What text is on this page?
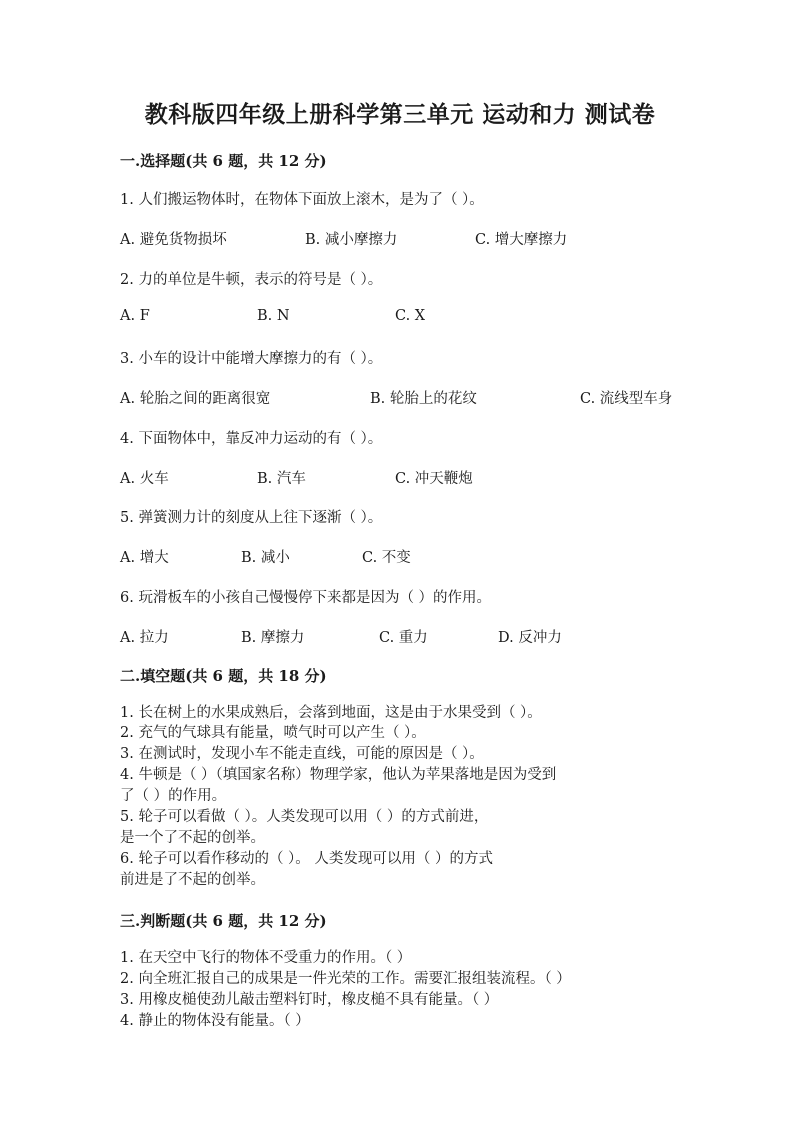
教科版四年级上册科学第三单元 运动和力 测试卷
一.选择题(共 6 题，共 12 分)
1. 人们搬运物体时，在物体下面放上滚木，是为了（ ）。
A. 避免货物损坏	B. 减小摩擦力	C. 增大摩擦力
2. 力的单位是牛顿，表示的符号是（ ）。
A. F	B. N	C. X
3. 小车的设计中能增大摩擦力的有（ ）。
A. 轮胎之间的距离很宽	B. 轮胎上的花纹	C. 流线型车身
4. 下面物体中，靠反冲力运动的有（ ）。
A. 火车	B. 汽车	C. 冲天鞭炮
5. 弹簧测力计的刻度从上往下逐渐（ ）。
A. 增大	B. 减小	C. 不变
6. 玩滑板车的小孩自己慢慢停下来都是因为（ ）的作用。
A. 拉力	B. 摩擦力	C. 重力	D. 反冲力
二.填空题(共 6 题，共 18 分)
1. 长在树上的水果成熟后，会落到地面，这是由于水果受到（ ）。
2. 充气的气球具有能量，喷气时可以产生（ ）。
3. 在测试时，发现小车不能走直线，可能的原因是（ ）。
4. 牛顿是（ ）（填国家名称）物理学家，他认为苹果落地是因为受到
了（ ）的作用。
5. 轮子可以看做（ ）。人类发现可以用（ ）的方式前进，
是一个了不起的创举。
6. 轮子可以看作移动的（ ）。 人类发现可以用（ ）的方式
前进是了不起的创举。
三.判断题(共 6 题，共 12 分)
1. 在天空中飞行的物体不受重力的作用。（ ）
2. 向全班汇报自己的成果是一件光荣的工作。需要汇报组装流程。（ ）
3. 用橡皮槌使劲儿敲击塑料钉时，橡皮槌不具有能量。（ ）
4. 静止的物体没有能量。（ ）
